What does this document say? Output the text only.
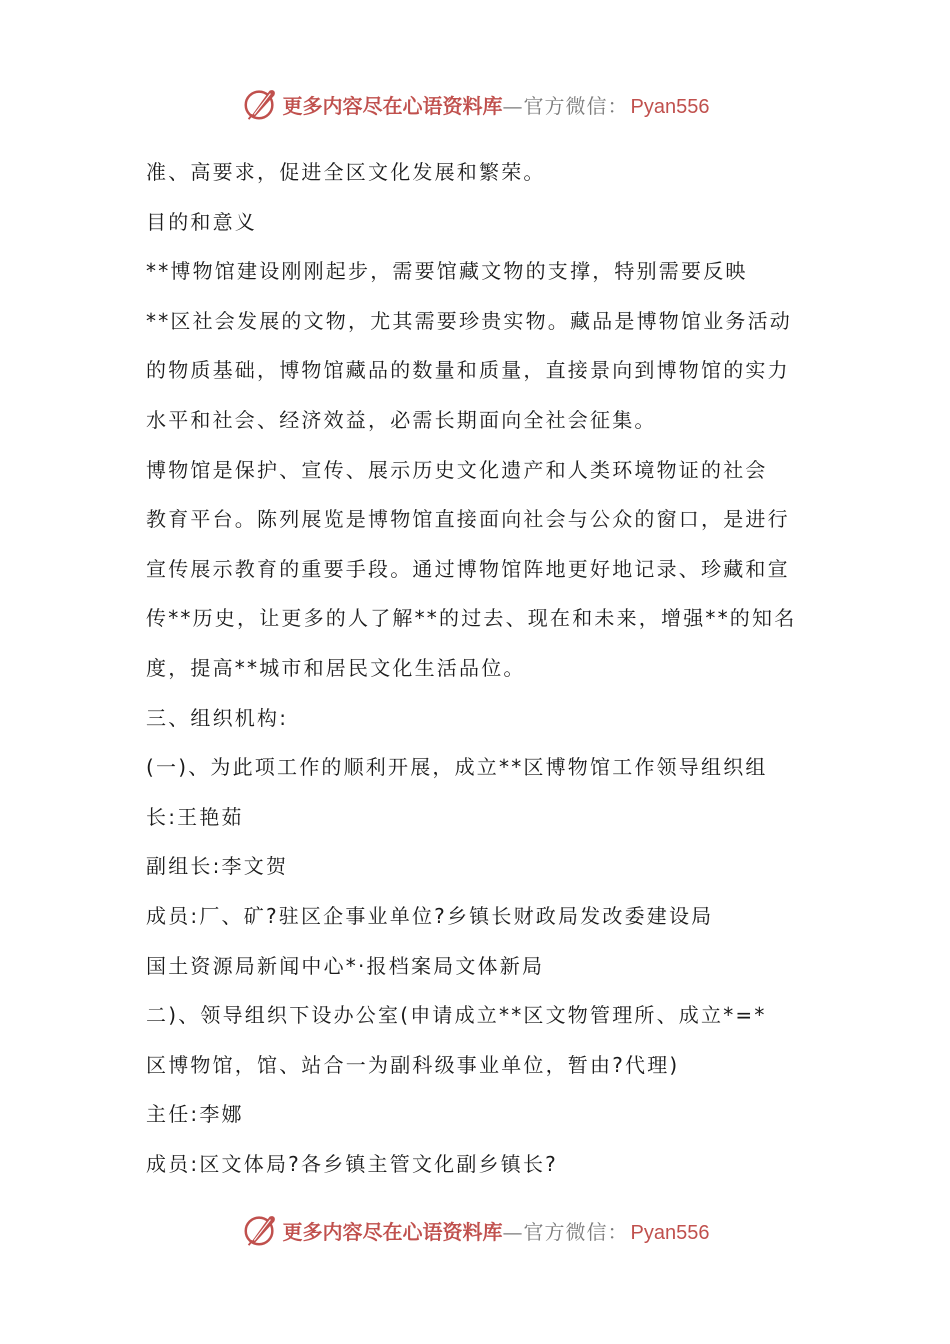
更多内容尽在心语资料库 — 官方微信： Pyan556
准、高要求，促进全区文化发展和繁荣。
目的和意义
**博物馆建设刚刚起步，需要馆藏文物的支撑，特别需要反映
**区社会发展的文物，尤其需要珍贵实物。藏品是博物馆业务活动
的物质基础，博物馆藏品的数量和质量，直接景向到博物馆的实力
水平和社会、经济效益，必需长期面向全社会征集。
博物馆是保护、宣传、展示历史文化遗产和人类环境物证的社会
教育平台。陈列展览是博物馆直接面向社会与公众的窗口，是进行
宣传展示教育的重要手段。通过博物馆阵地更好地记录、珍藏和宣
传**历史，让更多的人了解**的过去、现在和未来，增强**的知名
度，提高**城市和居民文化生活品位。
三、组织机构:
(一)、为此项工作的顺利开展，成立**区博物馆工作领导组织组
长:王艳茹
副组长:李文贺
成员:厂、矿?驻区企事业单位?乡镇长财政局发改委建设局
国土资源局新闻中心*·报档案局文体新局
二)、领导组织下设办公室(申请成立**区文物管理所、成立*=*
区博物馆，馆、站合一为副科级事业单位，暂由?代理)
主任:李娜
成员:区文体局?各乡镇主管文化副乡镇长?
更多内容尽在心语资料库 — 官方微信： Pyan556
